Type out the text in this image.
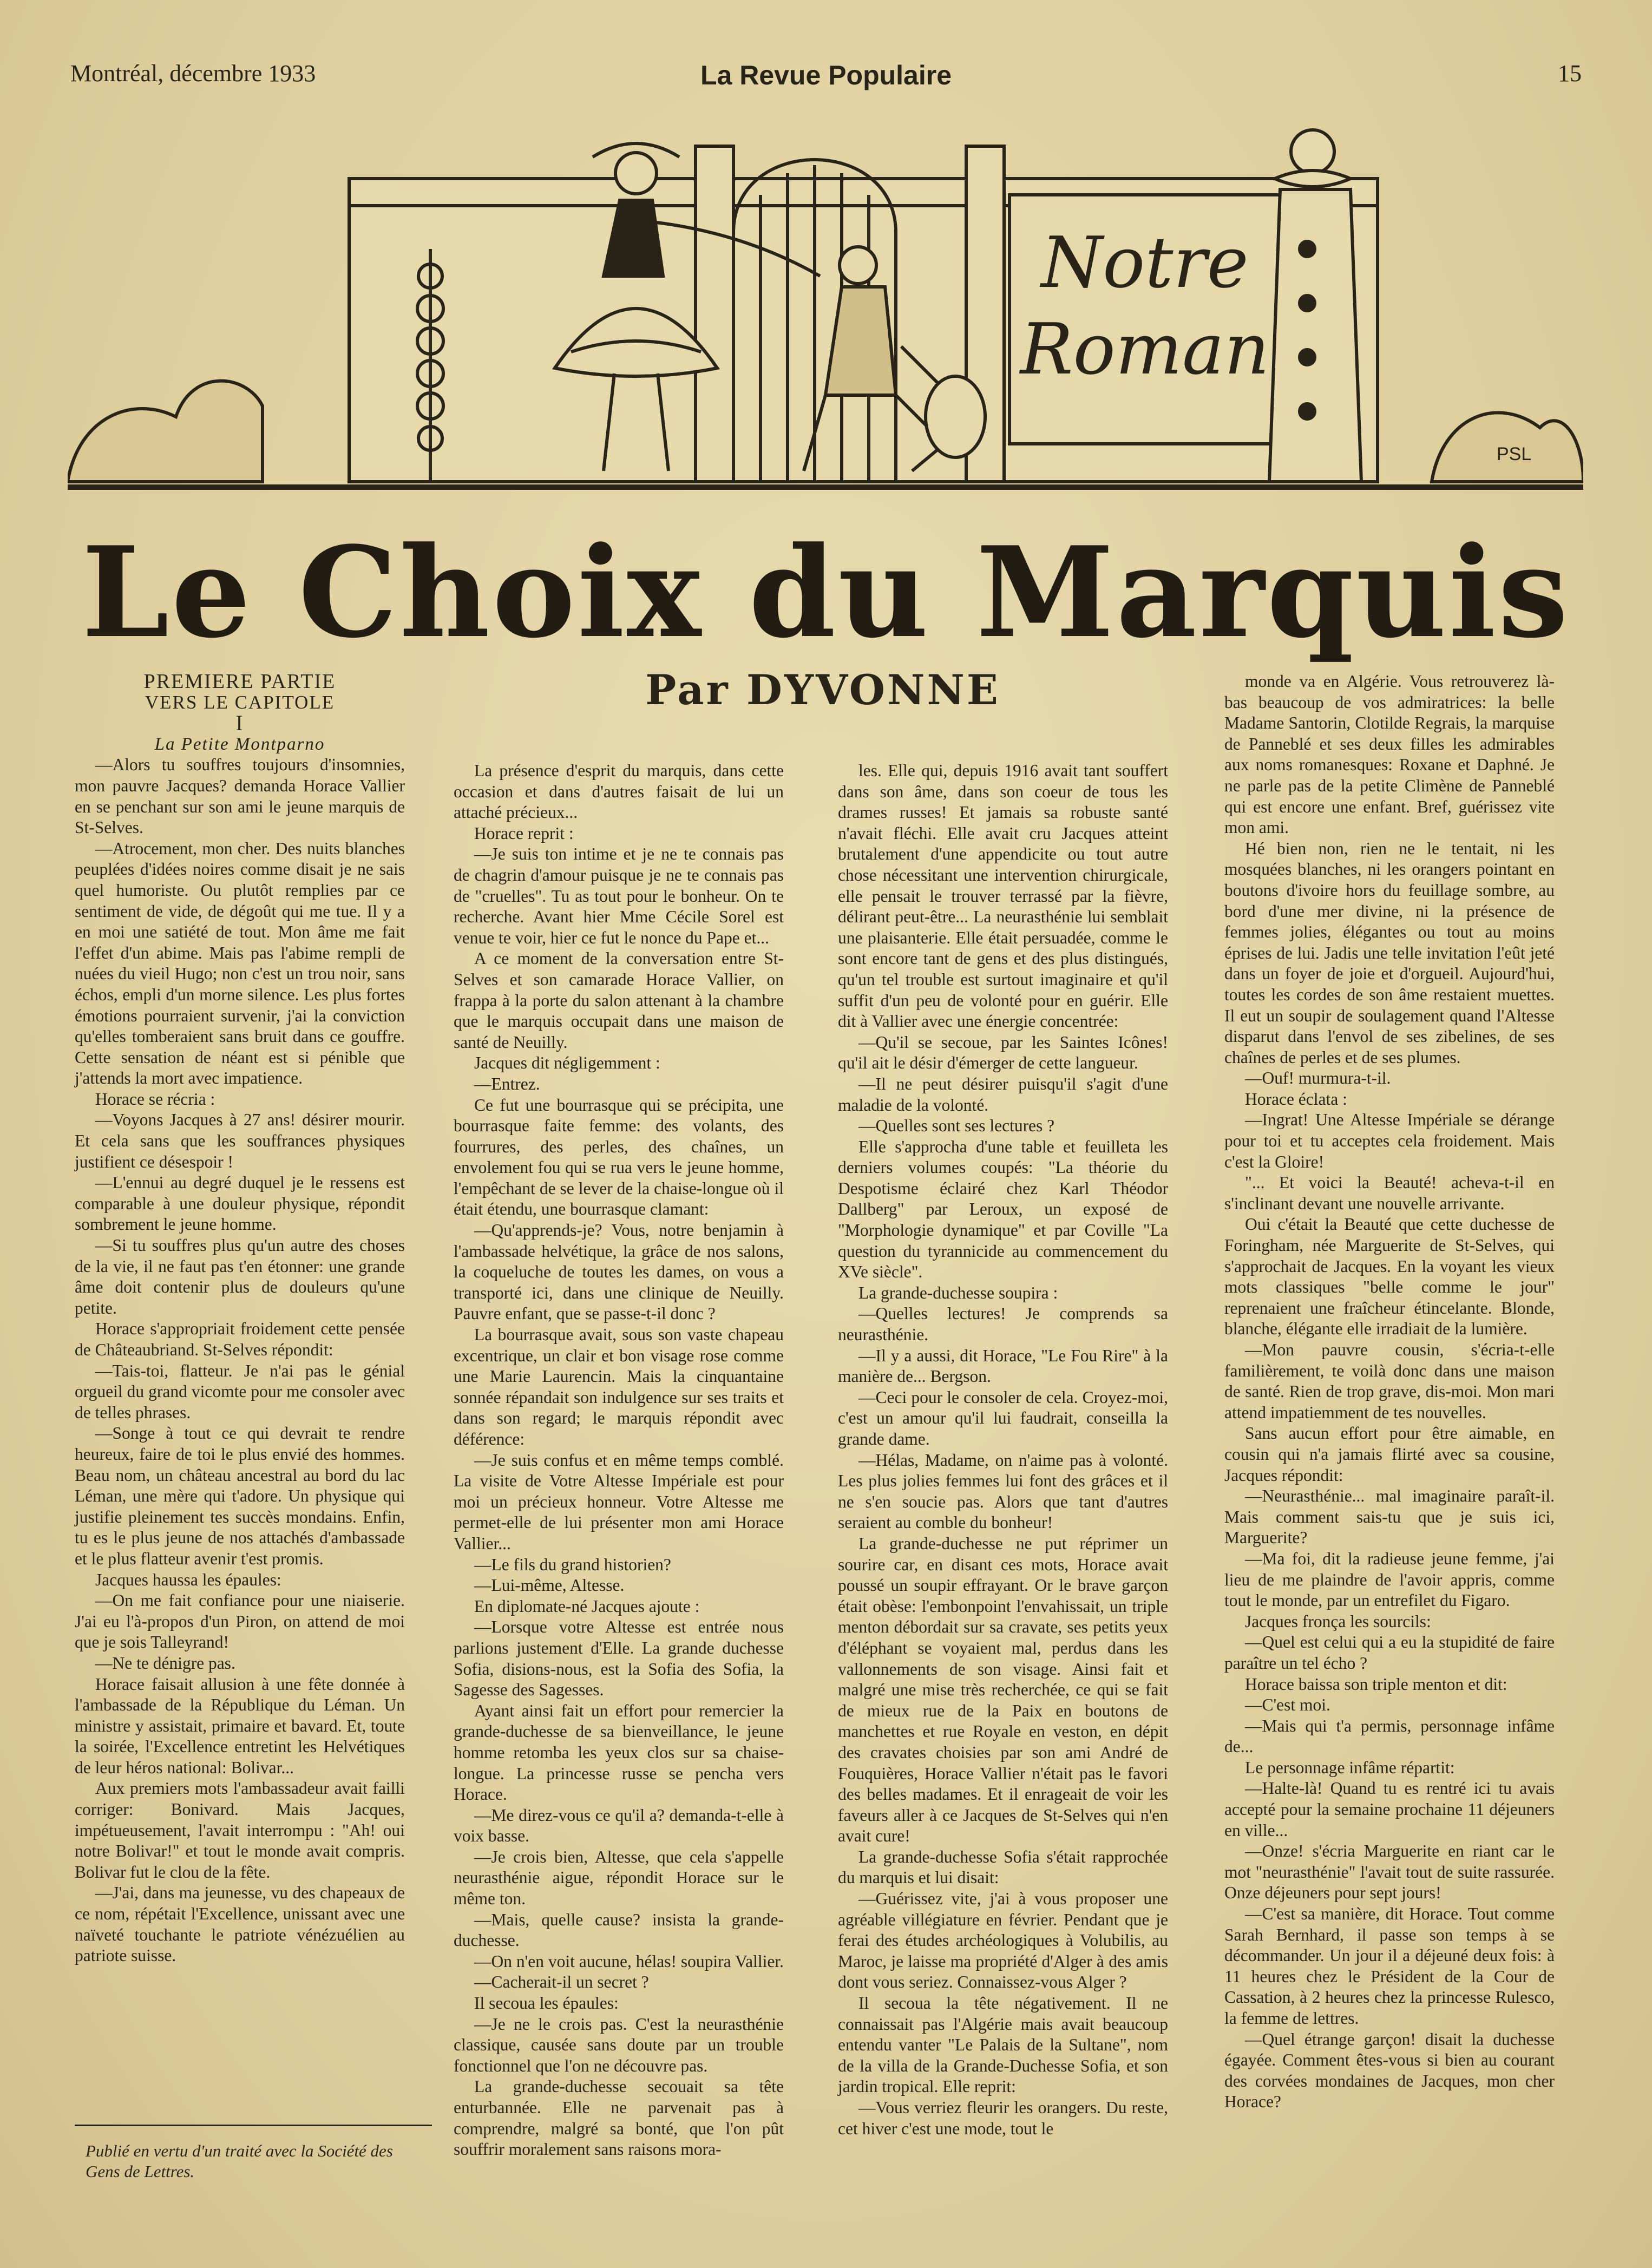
Montréal, décembre 1933	La Revue Populaire	15
Notre
Roman
PSL
Le Choix du Marquis
Par DYVONNE

PREMIERE PARTIE

VERS LE CAPITOLE

I

La Petite Montparno

—Alors tu souffres toujours d'insomnies, mon pauvre Jacques? demanda Horace Vallier en se penchant sur son ami le jeune marquis de St-Selves.

—Atrocement, mon cher. Des nuits blanches peuplées d'idées noires comme disait je ne sais quel humoriste. Ou plutôt remplies par ce sentiment de vide, de dégoût qui me tue. Il y a en moi une satiété de tout. Mon âme me fait l'effet d'un abime. Mais pas l'abime rempli de nuées du vieil Hugo; non c'est un trou noir, sans échos, empli d'un morne silence. Les plus fortes émotions pourraient survenir, j'ai la conviction qu'elles tomberaient sans bruit dans ce gouffre. Cette sensation de néant est si pénible que j'attends la mort avec impatience.

Horace se récria :

—Voyons Jacques à 27 ans! désirer mourir. Et cela sans que les souffrances physiques justifient ce désespoir !

—L'ennui au degré duquel je le ressens est comparable à une douleur physique, répondit sombrement le jeune homme.

—Si tu souffres plus qu'un autre des choses de la vie, il ne faut pas t'en étonner: une grande âme doit contenir plus de douleurs qu'une petite.

Horace s'appropriait froidement cette pensée de Châteaubriand. St-Selves répondit:

—Tais-toi, flatteur. Je n'ai pas le génial orgueil du grand vicomte pour me consoler avec de telles phrases.

—Songe à tout ce qui devrait te rendre heureux, faire de toi le plus envié des hommes. Beau nom, un château ancestral au bord du lac Léman, une mère qui t'adore. Un physique qui justifie pleinement tes succès mondains. Enfin, tu es le plus jeune de nos attachés d'ambassade et le plus flatteur avenir t'est promis.

Jacques haussa les épaules:

—On me fait confiance pour une niaiserie. J'ai eu l'à-propos d'un Piron, on attend de moi que je sois Talleyrand!

—Ne te dénigre pas.

Horace faisait allusion à une fête donnée à l'ambassade de la République du Léman. Un ministre y assistait, primaire et bavard. Et, toute la soirée, l'Excellence entretint les Helvétiques de leur héros national: Bolivar...

Aux premiers mots l'ambassadeur avait failli corriger: Bonivard. Mais Jacques, impétueusement, l'avait interrompu : "Ah! oui notre Bolivar!" et tout le monde avait compris. Bolivar fut le clou de la fête.

—J'ai, dans ma jeunesse, vu des chapeaux de ce nom, répétait l'Excellence, unissant avec une naïveté touchante le patriote vénézuélien au patriote suisse.

La présence d'esprit du marquis, dans cette occasion et dans d'autres faisait de lui un attaché précieux...

Horace reprit :

—Je suis ton intime et je ne te connais pas de chagrin d'amour puisque je ne te connais pas de "cruelles". Tu as tout pour le bonheur. On te recherche. Avant hier Mme Cécile Sorel est venue te voir, hier ce fut le nonce du Pape et...

A ce moment de la conversation entre St-Selves et son camarade Horace Vallier, on frappa à la porte du salon attenant à la chambre que le marquis occupait dans une maison de santé de Neuilly.

Jacques dit négligemment :

—Entrez.

Ce fut une bourrasque qui se précipita, une bourrasque faite femme: des volants, des fourrures, des perles, des chaînes, un envolement fou qui se rua vers le jeune homme, l'empêchant de se lever de la chaise-longue où il était étendu, une bourrasque clamant:

—Qu'apprends-je? Vous, notre benjamin à l'ambassade helvétique, la grâce de nos salons, la coqueluche de toutes les dames, on vous a transporté ici, dans une clinique de Neuilly. Pauvre enfant, que se passe-t-il donc ?

La bourrasque avait, sous son vaste chapeau excentrique, un clair et bon visage rose comme une Marie Laurencin. Mais la cinquantaine sonnée répandait son indulgence sur ses traits et dans son regard; le marquis répondit avec déférence:

—Je suis confus et en même temps comblé. La visite de Votre Altesse Impériale est pour moi un précieux honneur. Votre Altesse me permet-elle de lui présenter mon ami Horace Vallier...

—Le fils du grand historien?

—Lui-même, Altesse.

En diplomate-né Jacques ajoute :

—Lorsque votre Altesse est entrée nous parlions justement d'Elle. La grande duchesse Sofia, disions-nous, est la Sofia des Sofia, la Sagesse des Sagesses.

Ayant ainsi fait un effort pour remercier la grande-duchesse de sa bienveillance, le jeune homme retomba les yeux clos sur sa chaise-longue. La princesse russe se pencha vers Horace.

—Me direz-vous ce qu'il a? demanda-t-elle à voix basse.

—Je crois bien, Altesse, que cela s'appelle neurasthénie aigue, répondit Horace sur le même ton.

—Mais, quelle cause? insista la grande-duchesse.

—On n'en voit aucune, hélas! soupira Vallier.

—Cacherait-il un secret ?

Il secoua les épaules:

—Je ne le crois pas. C'est la neurasthénie classique, causée sans doute par un trouble fonctionnel que l'on ne découvre pas.

La grande-duchesse secouait sa tête enturbannée. Elle ne parvenait pas à comprendre, malgré sa bonté, que l'on pût souffrir moralement sans raisons mora-

les. Elle qui, depuis 1916 avait tant souffert dans son âme, dans son coeur de tous les drames russes! Et jamais sa robuste santé n'avait fléchi. Elle avait cru Jacques atteint brutalement d'une appendicite ou tout autre chose nécessitant une intervention chirurgicale, elle pensait le trouver terrassé par la fièvre, délirant peut-être... La neurasthénie lui semblait une plaisanterie. Elle était persuadée, comme le sont encore tant de gens et des plus distingués, qu'un tel trouble est surtout imaginaire et qu'il suffit d'un peu de volonté pour en guérir. Elle dit à Vallier avec une énergie concentrée:

—Qu'il se secoue, par les Saintes Icônes! qu'il ait le désir d'émerger de cette langueur.

—Il ne peut désirer puisqu'il s'agit d'une maladie de la volonté.

—Quelles sont ses lectures ?

Elle s'approcha d'une table et feuilleta les derniers volumes coupés: "La théorie du Despotisme éclairé chez Karl Théodor Dallberg" par Leroux, un exposé de "Morphologie dynamique" et par Coville "La question du tyrannicide au commencement du XVe siècle".

La grande-duchesse soupira :

—Quelles lectures! Je comprends sa neurasthénie.

—Il y a aussi, dit Horace, "Le Fou Rire" à la manière de... Bergson.

—Ceci pour le consoler de cela. Croyez-moi, c'est un amour qu'il lui faudrait, conseilla la grande dame.

—Hélas, Madame, on n'aime pas à volonté. Les plus jolies femmes lui font des grâces et il ne s'en soucie pas. Alors que tant d'autres seraient au comble du bonheur!

La grande-duchesse ne put réprimer un sourire car, en disant ces mots, Horace avait poussé un soupir effrayant. Or le brave garçon était obèse: l'embonpoint l'envahissait, un triple menton débordait sur sa cravate, ses petits yeux d'éléphant se voyaient mal, perdus dans les vallonnements de son visage. Ainsi fait et malgré une mise très recherchée, ce qui se fait de mieux rue de la Paix en boutons de manchettes et rue Royale en veston, en dépit des cravates choisies par son ami André de Fouquières, Horace Vallier n'était pas le favori des belles madames. Et il enrageait de voir les faveurs aller à ce Jacques de St-Selves qui n'en avait cure!

La grande-duchesse Sofia s'était rapprochée du marquis et lui disait:

—Guérissez vite, j'ai à vous proposer une agréable villégiature en février. Pendant que je ferai des études archéologiques à Volubilis, au Maroc, je laisse ma propriété d'Alger à des amis dont vous seriez. Connaissez-vous Alger ?

Il secoua la tête négativement. Il ne connaissait pas l'Algérie mais avait beaucoup entendu vanter "Le Palais de la Sultane", nom de la villa de la Grande-Duchesse Sofia, et son jardin tropical. Elle reprit:

—Vous verriez fleurir les orangers. Du reste, cet hiver c'est une mode, tout le

monde va en Algérie. Vous retrouverez là-bas beaucoup de vos admiratrices: la belle Madame Santorin, Clotilde Regrais, la marquise de Panneblé et ses deux filles les admirables aux noms romanesques: Roxane et Daphné. Je ne parle pas de la petite Climène de Panneblé qui est encore une enfant. Bref, guérissez vite mon ami.

Hé bien non, rien ne le tentait, ni les mosquées blanches, ni les orangers pointant en boutons d'ivoire hors du feuillage sombre, au bord d'une mer divine, ni la présence de femmes jolies, élégantes ou tout au moins éprises de lui. Jadis une telle invitation l'eût jeté dans un foyer de joie et d'orgueil. Aujourd'hui, toutes les cordes de son âme restaient muettes. Il eut un soupir de soulagement quand l'Altesse disparut dans l'envol de ses zibelines, de ses chaînes de perles et de ses plumes.

—Ouf! murmura-t-il.

Horace éclata :

—Ingrat! Une Altesse Impériale se dérange pour toi et tu acceptes cela froidement. Mais c'est la Gloire!

"... Et voici la Beauté! acheva-t-il en s'inclinant devant une nouvelle arrivante.

Oui c'était la Beauté que cette duchesse de Foringham, née Marguerite de St-Selves, qui s'approchait de Jacques. En la voyant les vieux mots classiques "belle comme le jour" reprenaient une fraîcheur étincelante. Blonde, blanche, élégante elle irradiait de la lumière.

—Mon pauvre cousin, s'écria-t-elle familièrement, te voilà donc dans une maison de santé. Rien de trop grave, dis-moi. Mon mari attend impatiemment de tes nouvelles.

Sans aucun effort pour être aimable, en cousin qui n'a jamais flirté avec sa cousine, Jacques répondit:

—Neurasthénie... mal imaginaire paraît-il. Mais comment sais-tu que je suis ici, Marguerite?

—Ma foi, dit la radieuse jeune femme, j'ai lieu de me plaindre de l'avoir appris, comme tout le monde, par un entrefilet du Figaro.

Jacques fronça les sourcils:

—Quel est celui qui a eu la stupidité de faire paraître un tel écho ?

Horace baissa son triple menton et dit:

—C'est moi.

—Mais qui t'a permis, personnage infâme de...

Le personnage infâme répartit:

—Halte-là! Quand tu es rentré ici tu avais accepté pour la semaine prochaine 11 déjeuners en ville...

—Onze! s'écria Marguerite en riant car le mot "neurasthénie" l'avait tout de suite rassurée. Onze déjeuners pour sept jours!

—C'est sa manière, dit Horace. Tout comme Sarah Bernhard, il passe son temps à se décommander. Un jour il a déjeuné deux fois: à 11 heures chez le Président de la Cour de Cassation, à 2 heures chez la princesse Rulesco, la femme de lettres.

—Quel étrange garçon! disait la duchesse égayée. Comment êtes-vous si bien au courant des corvées mondaines de Jacques, mon cher Horace?

Publié en vertu d'un traité avec la Société des Gens de Lettres.
